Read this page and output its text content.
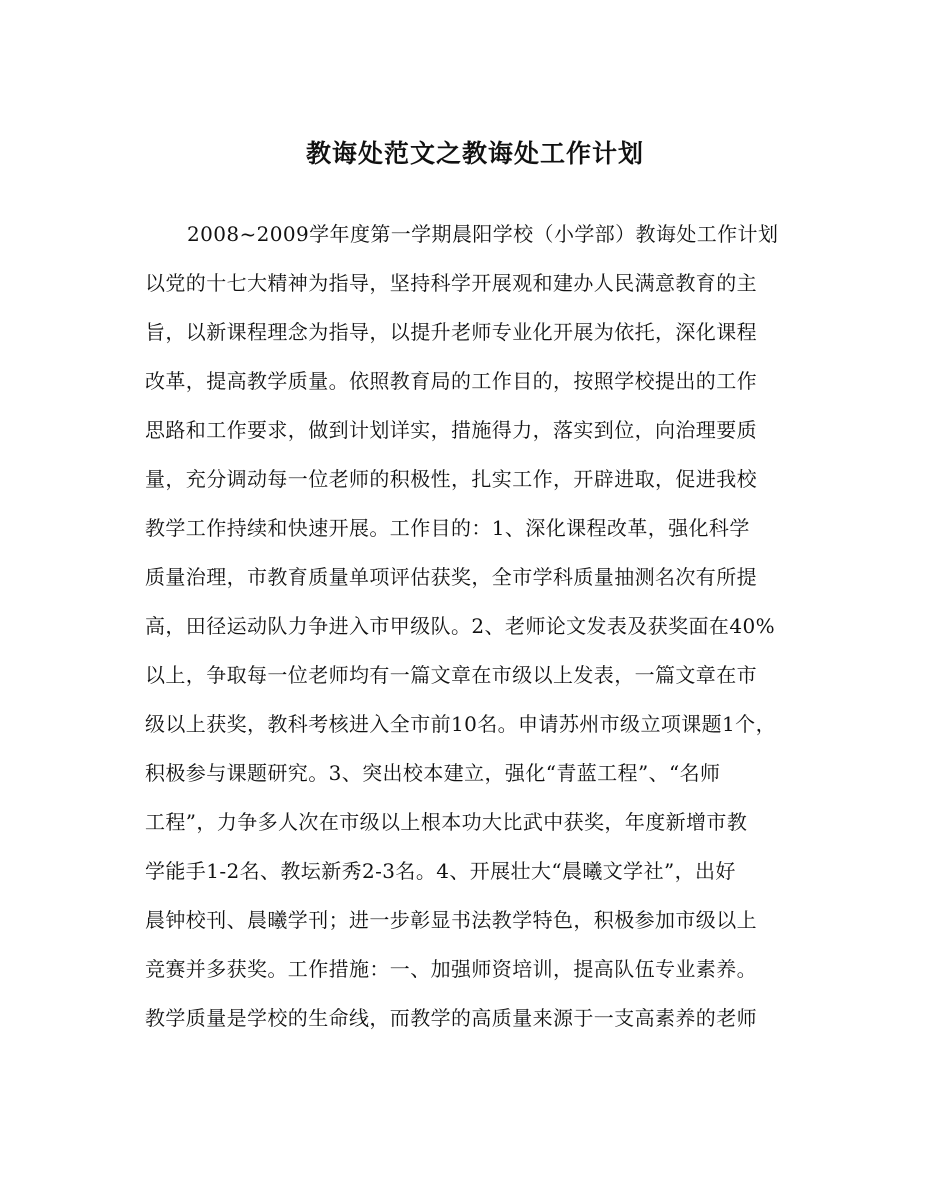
教诲处范文之教诲处工作计划
2008~2009学年度第一学期晨阳学校（小学部）教诲处工作计划
以党的十七大精神为指导，坚持科学开展观和建办人民满意教育的主
旨，以新课程理念为指导，以提升老师专业化开展为依托，深化课程
改革，提高教学质量。依照教育局的工作目的，按照学校提出的工作
思路和工作要求，做到计划详实，措施得力，落实到位，向治理要质
量，充分调动每一位老师的积极性，扎实工作，开辟进取，促进我校
教学工作持续和快速开展。工作目的：1、深化课程改革，强化科学
质量治理，市教育质量单项评估获奖，全市学科质量抽测名次有所提
高，田径运动队力争进入市甲级队。2、老师论文发表及获奖面在40%
以上，争取每一位老师均有一篇文章在市级以上发表，一篇文章在市
级以上获奖，教科考核进入全市前10名。申请苏州市级立项课题1个，
积极参与课题研究。3、突出校本建立，强化“青蓝工程”、“名师
工程”，力争多人次在市级以上根本功大比武中获奖，年度新增市教
学能手1-2名、教坛新秀2-3名。4、开展壮大“晨曦文学社”，出好
晨钟校刊、晨曦学刊；进一步彰显书法教学特色，积极参加市级以上
竞赛并多获奖。工作措施：一、加强师资培训，提高队伍专业素养。
教学质量是学校的生命线，而教学的高质量来源于一支高素养的老师
